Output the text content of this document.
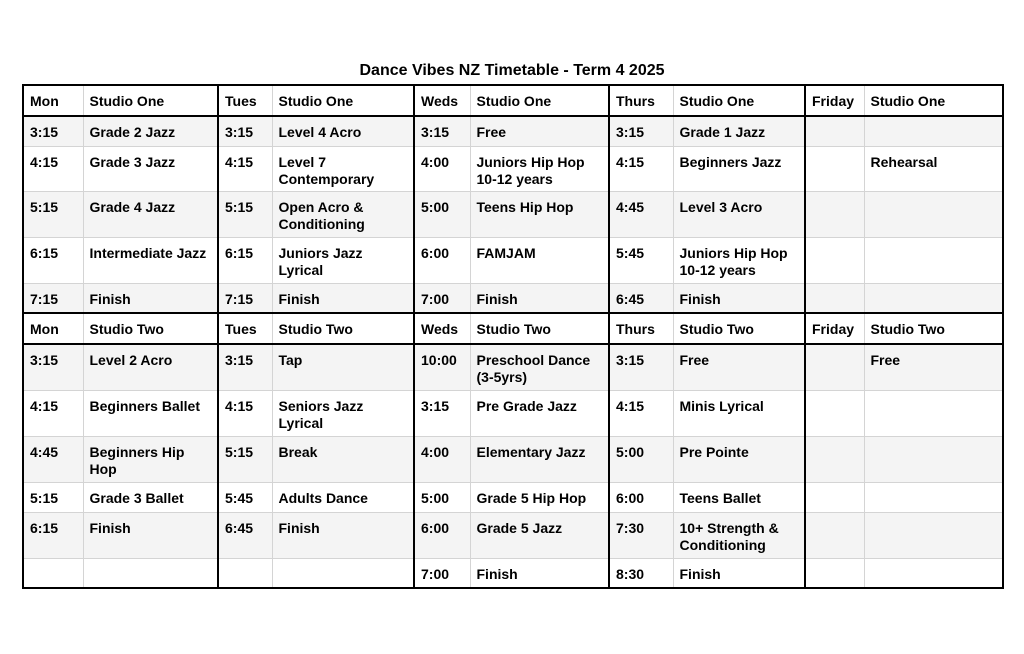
Dance Vibes NZ Timetable - Term 4 2025
Mon	Studio One	Tues	Studio One	Weds	Studio One	Thurs	Studio One	Friday	Studio One
3:15	Grade 2 Jazz	3:15	Level 4 Acro	3:15	Free	3:15	Grade 1 Jazz		
4:15	Grade 3 Jazz	4:15	Level 7 Contemporary	4:00	Juniors Hip Hop 10-12 years	4:15	Beginners Jazz		Rehearsal
5:15	Grade 4 Jazz	5:15	Open Acro & Conditioning	5:00	Teens Hip Hop	4:45	Level 3 Acro		
6:15	Intermediate Jazz	6:15	Juniors Jazz Lyrical	6:00	FAMJAM	5:45	Juniors Hip Hop 10-12 years		
7:15	Finish	7:15	Finish	7:00	Finish	6:45	Finish		
Mon	Studio Two	Tues	Studio Two	Weds	Studio Two	Thurs	Studio Two	Friday	Studio Two
3:15	Level 2 Acro	3:15	Tap	10:00	Preschool Dance (3-5yrs)	3:15	Free		Free
4:15	Beginners Ballet	4:15	Seniors Jazz Lyrical	3:15	Pre Grade Jazz	4:15	Minis Lyrical		
4:45	Beginners Hip Hop	5:15	Break	4:00	Elementary Jazz	5:00	Pre Pointe		
5:15	Grade 3 Ballet	5:45	Adults Dance	5:00	Grade 5 Hip Hop	6:00	Teens Ballet		
6:15	Finish	6:45	Finish	6:00	Grade 5 Jazz	7:30	10+ Strength & Conditioning		
				7:00	Finish	8:30	Finish		
